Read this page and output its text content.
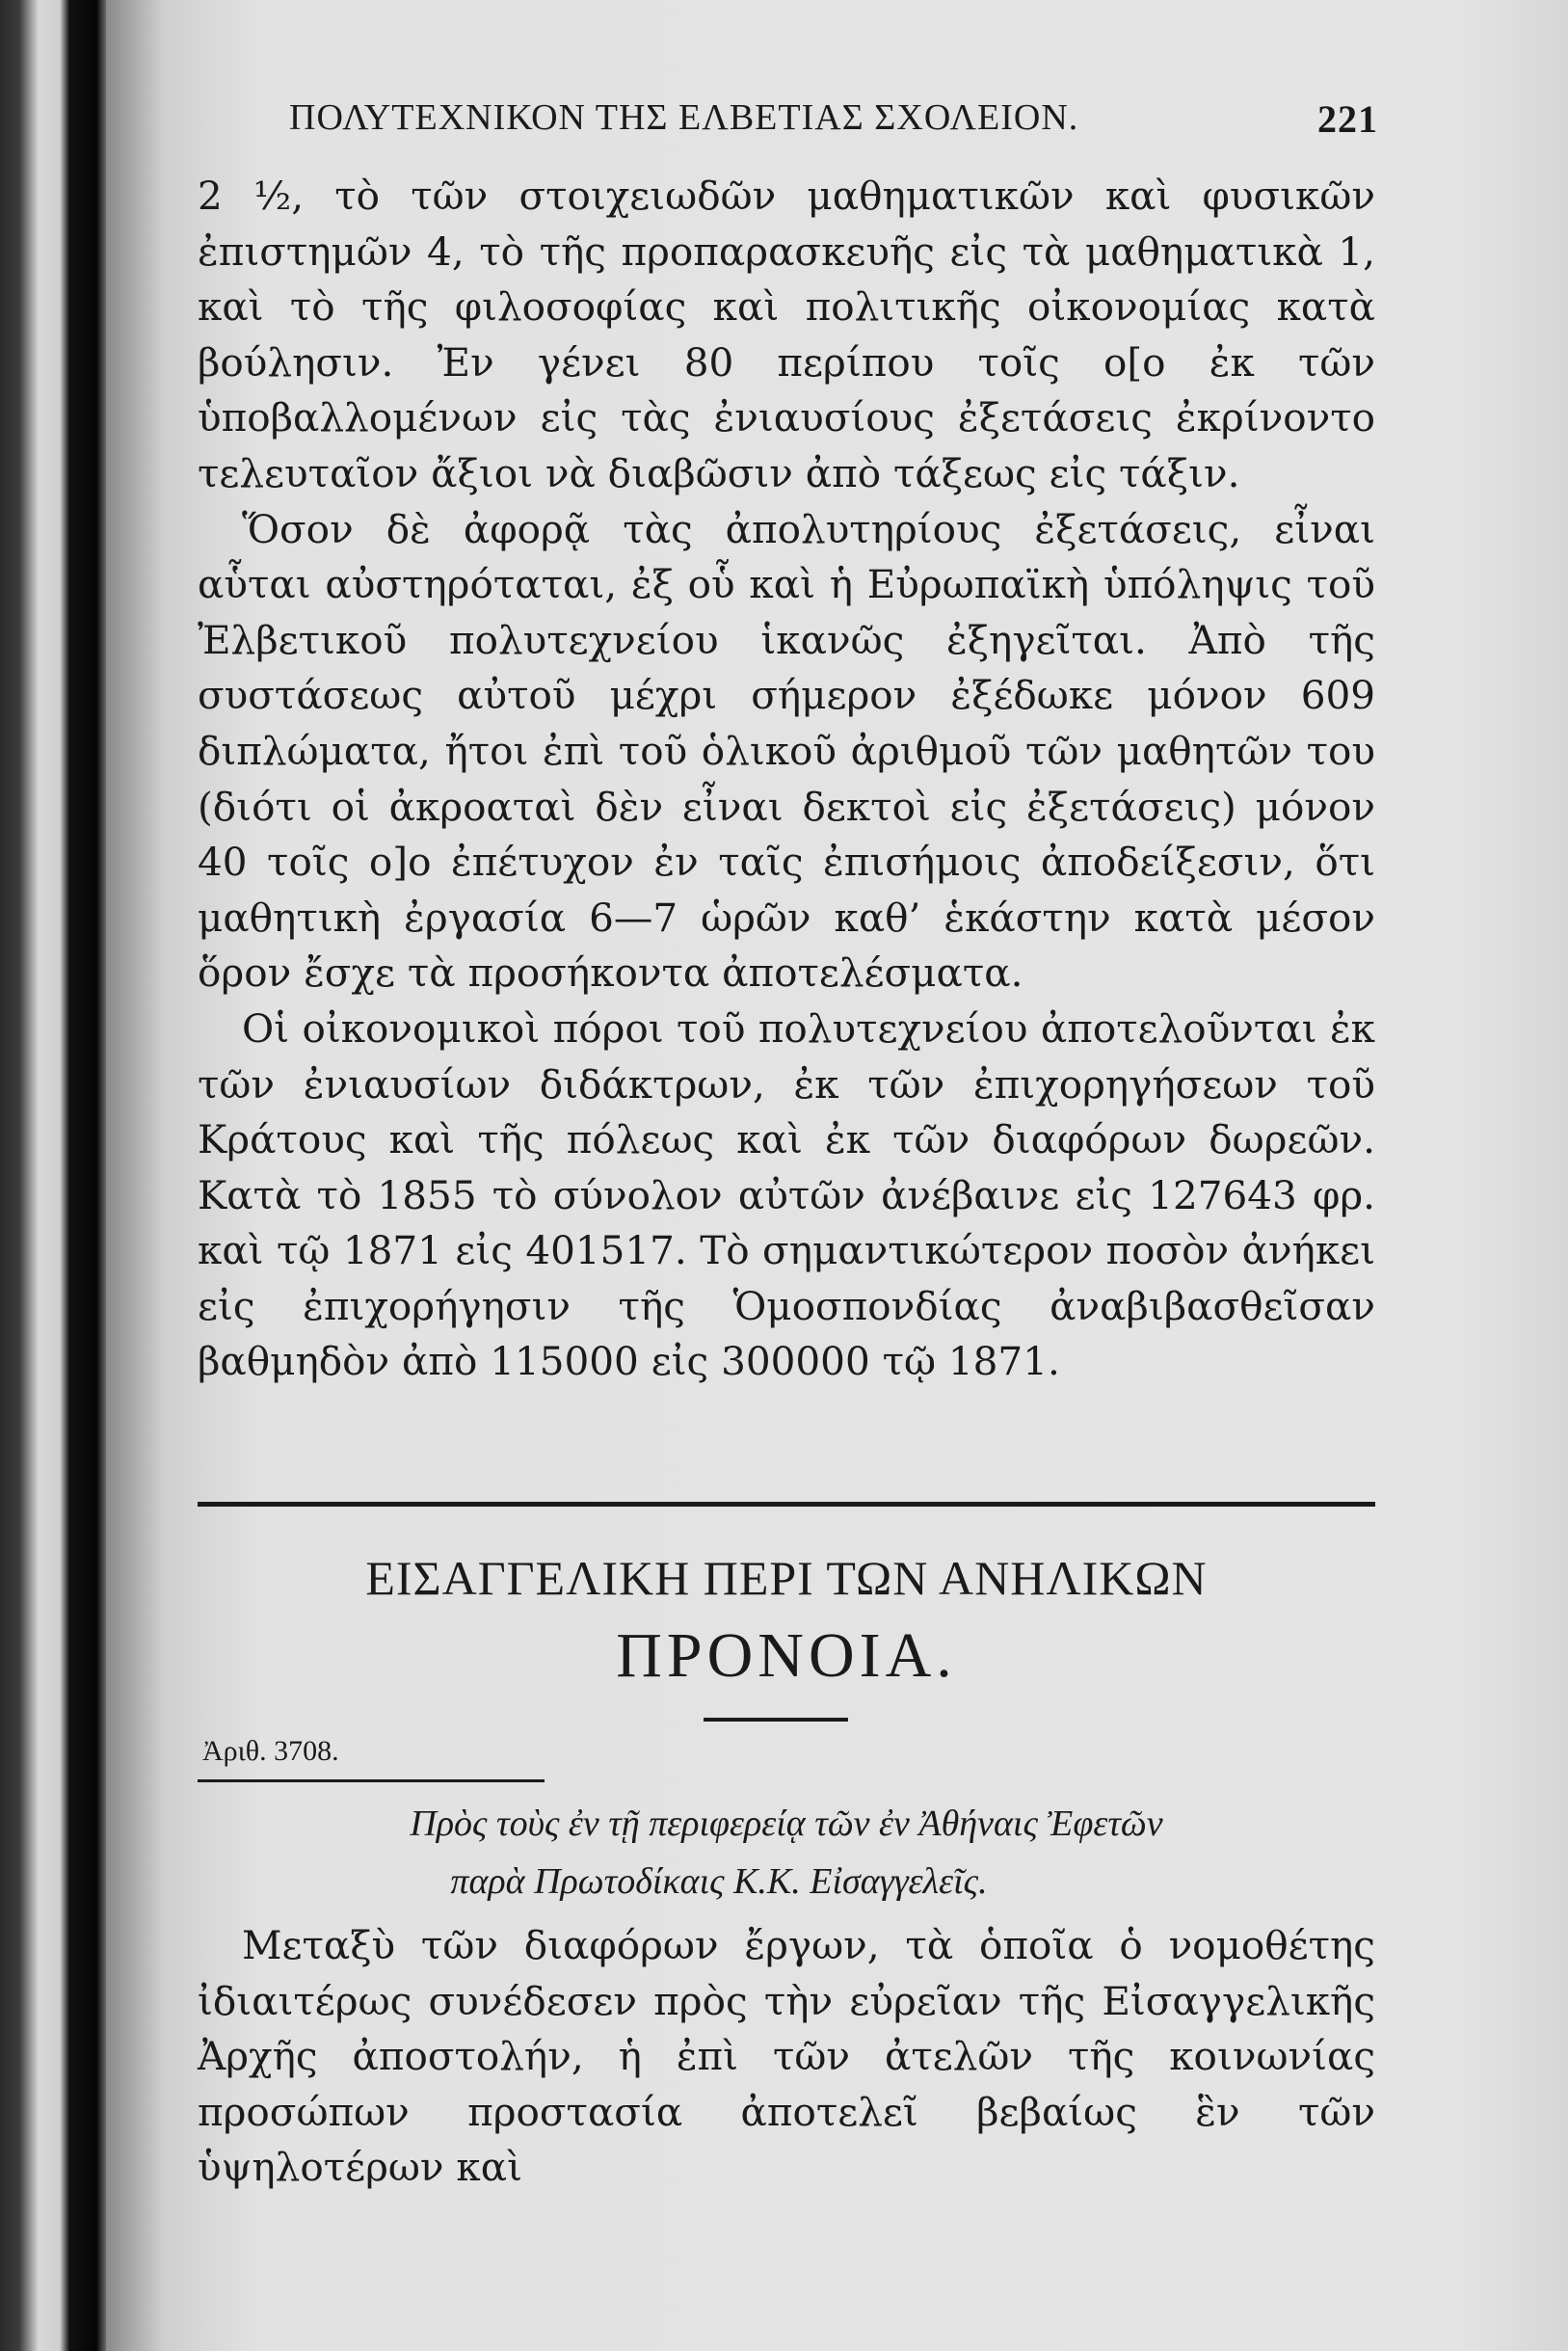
ΠΟΛΥΤΕΧΝΙΚΟΝ ΤΗΣ ΕΛΒΕΤΙΑΣ ΣΧΟΛΕΙΟΝ.	221

2 ½, τὸ τῶν στοιχειωδῶν μαθηματικῶν καὶ φυσικῶν ἐπιστημῶν 4, τὸ τῆς προπαρασκευῆς εἰς τὰ μαθηματικὰ 1, καὶ τὸ τῆς φιλοσοφίας καὶ πολιτικῆς οἰκονομίας κατὰ βούλησιν. Ἐν γένει 80 περίπου τοῖς ο[ο ἐκ τῶν ὑποβαλλομένων εἰς τὰς ἐνιαυσίους ἐξετάσεις ἐκρίνοντο τελευταῖον ἄξιοι νὰ διαβῶσιν ἀπὸ τάξεως εἰς τάξιν.

Ὅσον δὲ ἀφορᾷ τὰς ἀπολυτηρίους ἐξετάσεις, εἶναι αὗται αὐστηρόταται, ἐξ οὗ καὶ ἡ Εὐρωπαϊκὴ ὑπόληψις τοῦ Ἐλβετικοῦ πολυτεχνείου ἱκανῶς ἐξηγεῖται. Ἀπὸ τῆς συστάσεως αὐτοῦ μέχρι σήμερον ἐξέδωκε μόνον 609 διπλώματα, ἤτοι ἐπὶ τοῦ ὁλικοῦ ἀριθμοῦ τῶν μαθητῶν του (διότι οἱ ἀκροαταὶ δὲν εἶναι δεκτοὶ εἰς ἐξετάσεις) μόνον 40 τοῖς ο]ο ἐπέτυχον ἐν ταῖς ἐπισήμοις ἀποδείξεσιν, ὅτι μαθητικὴ ἐργασία 6—7 ὡρῶν καθ’ ἑκάστην κατὰ μέσον ὅρον ἔσχε τὰ προσήκοντα ἀποτελέσματα.

Οἱ οἰκονομικοὶ πόροι τοῦ πολυτεχνείου ἀποτελοῦνται ἐκ τῶν ἐνιαυσίων διδάκτρων, ἐκ τῶν ἐπιχορηγήσεων τοῦ Κράτους καὶ τῆς πόλεως καὶ ἐκ τῶν διαφόρων δωρεῶν. Κατὰ τὸ 1855 τὸ σύνολον αὐτῶν ἀνέβαινε εἰς 127643 φρ. καὶ τῷ 1871 εἰς 401517. Τὸ σημαντικώτερον ποσὸν ἀνήκει εἰς ἐπιχορήγησιν τῆς Ὁμοσπονδίας ἀναβιβασθεῖσαν βαθμηδὸν ἀπὸ 115000 εἰς 300000 τῷ 1871.

ΕΙΣΑΓΓΕΛΙΚΗ ΠΕΡΙ ΤΩΝ ΑΝΗΛΙΚΩΝ
ΠΡΟΝΟΙΑ.
Ἀριθ. 3708.
Πρὸς τοὺς ἐν τῇ περιφερείᾳ τῶν ἐν Ἀθήναις Ἐφετῶν
παρὰ Πρωτοδίκαις Κ.Κ. Εἰσαγγελεῖς.

Μεταξὺ τῶν διαφόρων ἔργων, τὰ ὁποῖα ὁ νομοθέτης ἰδιαιτέρως συνέδεσεν πρὸς τὴν εὐρεῖαν τῆς Εἰσαγγελικῆς Ἀρχῆς ἀποστολήν, ἡ ἐπὶ τῶν ἀτελῶν τῆς κοινωνίας προσώπων προστασία ἀποτελεῖ βεβαίως ἓν τῶν ὑψηλοτέρων καὶ
